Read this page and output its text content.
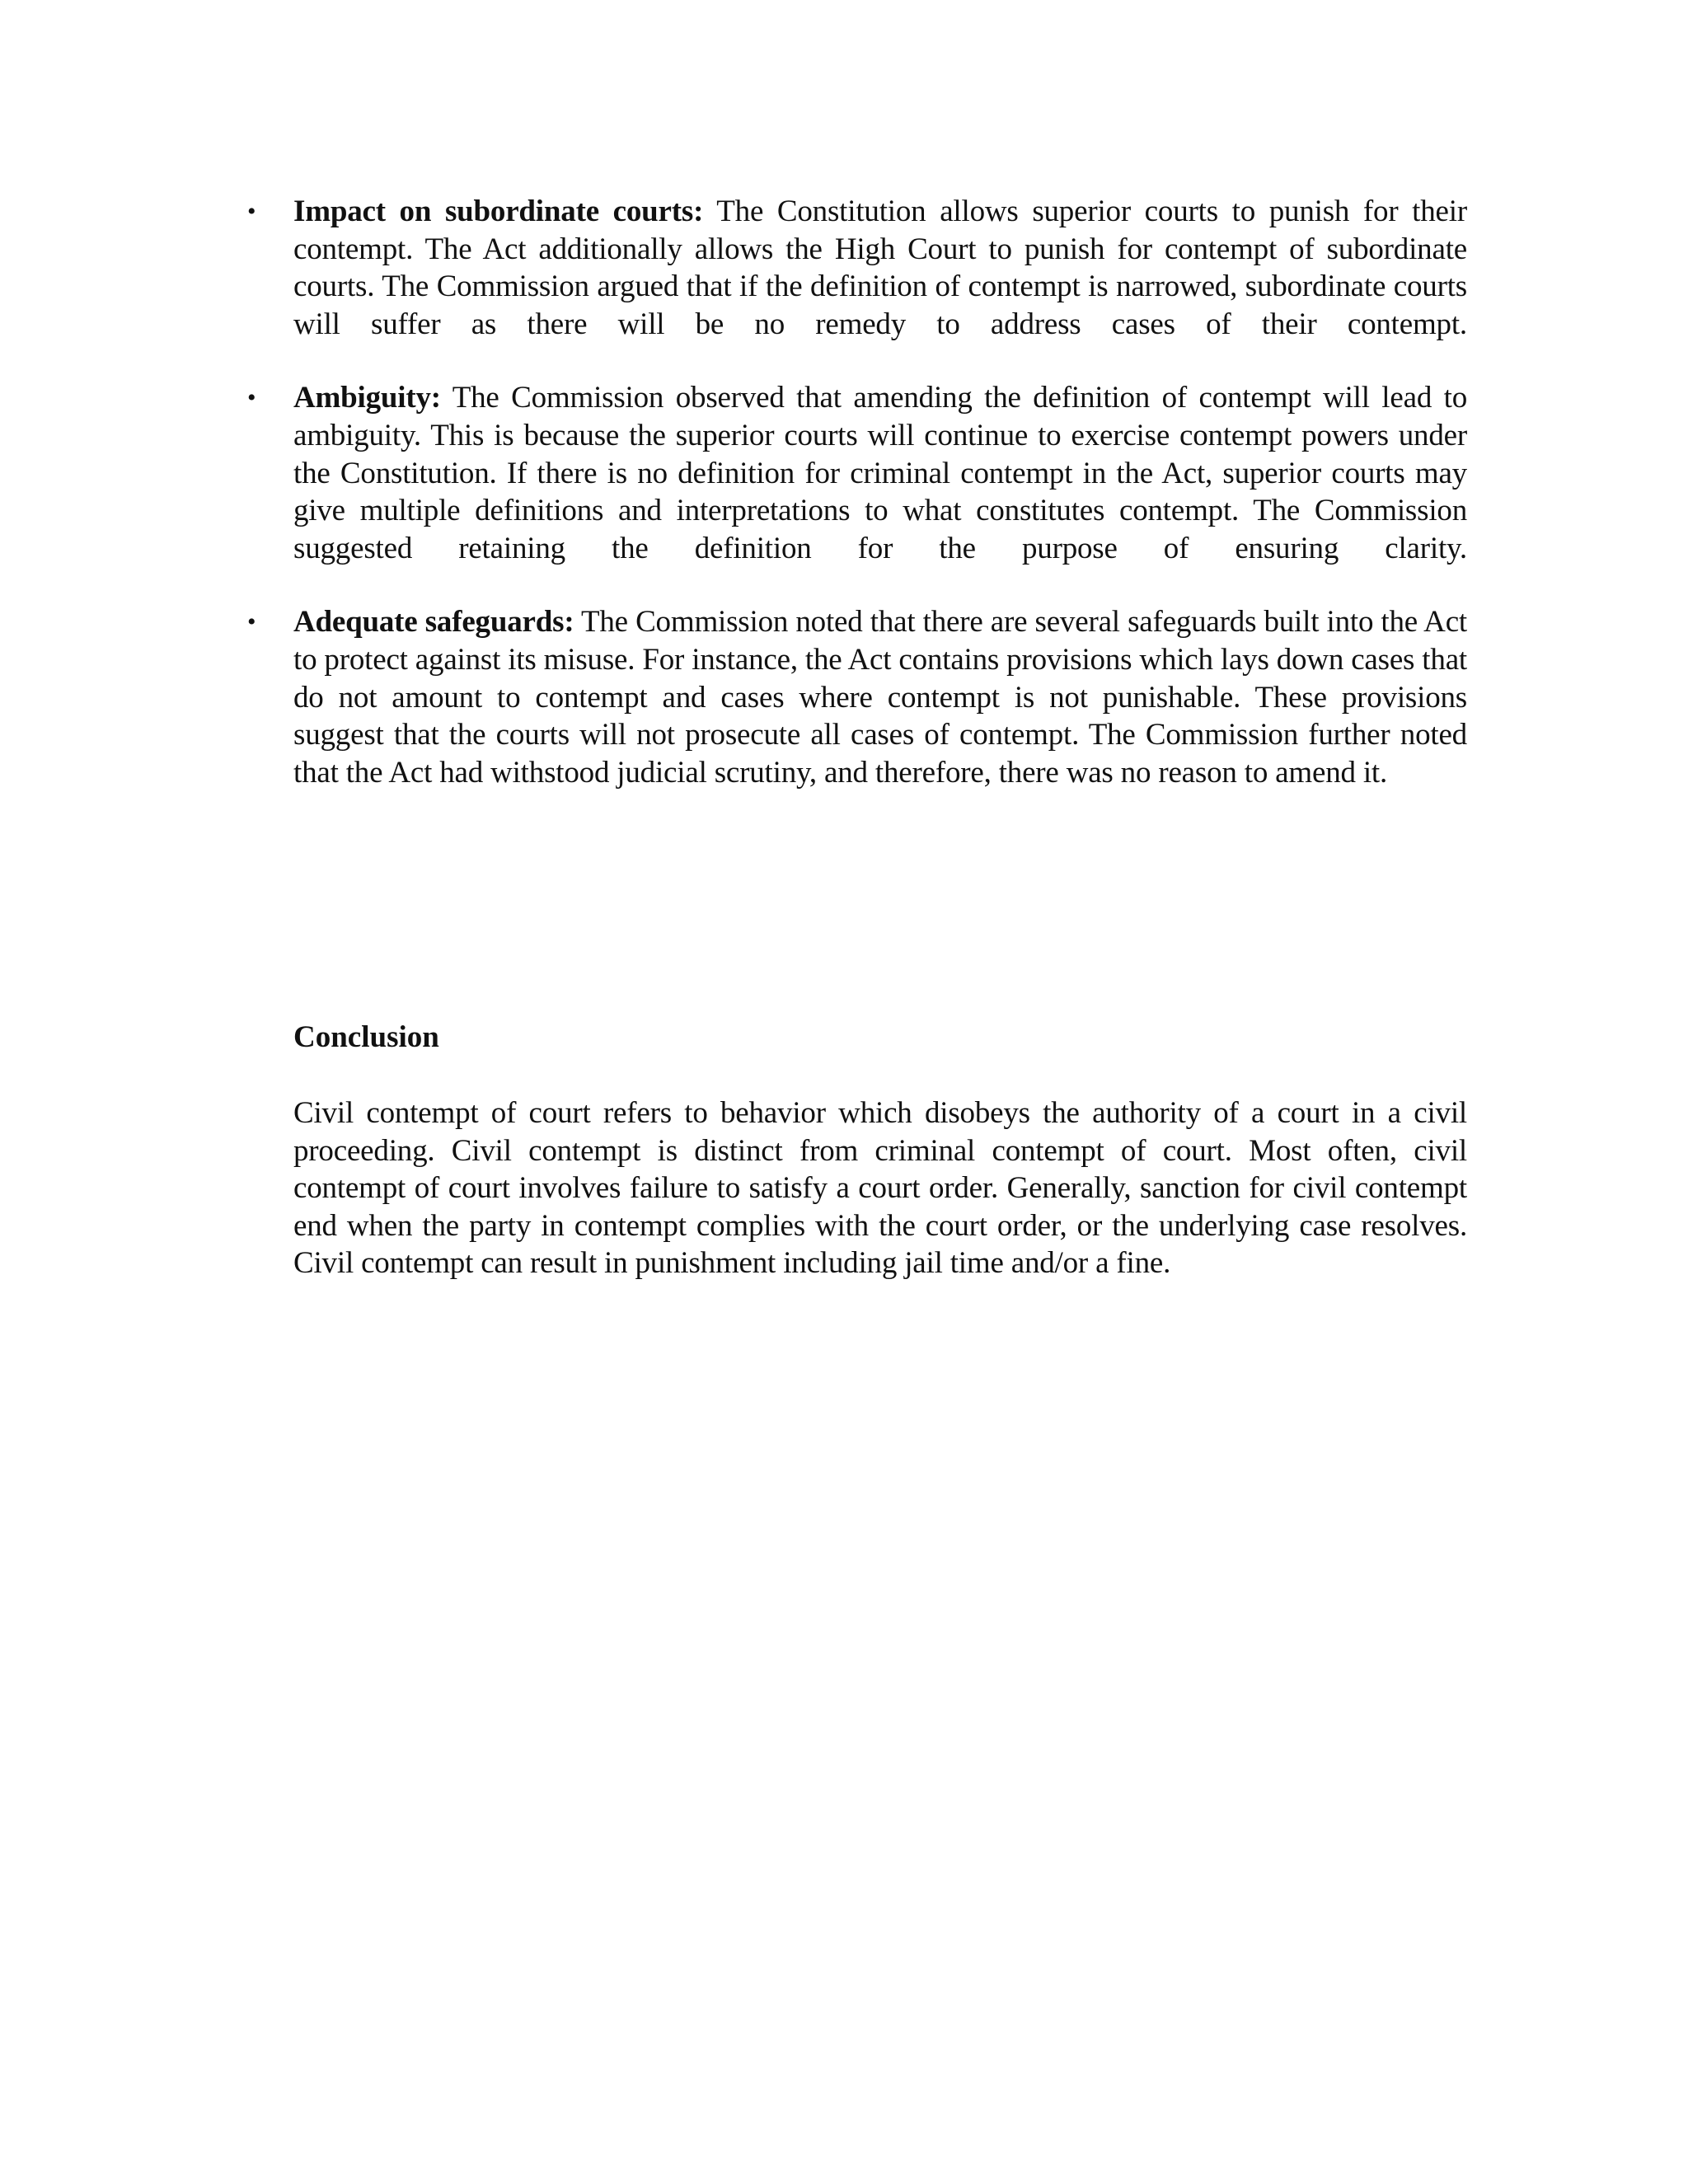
• Impact on subordinate courts: The Constitution allows superior courts to punish for their contempt. The Act additionally allows the High Court to punish for contempt of subordinate courts. The Commission argued that if the definition of contempt is narrowed, subordinate courts will suffer as there will be no remedy to address cases of their contempt.
• Ambiguity: The Commission observed that amending the definition of contempt will lead to ambiguity. This is because the superior courts will continue to exercise contempt powers under the Constitution. If there is no definition for criminal contempt in the Act, superior courts may give multiple definitions and interpretations to what constitutes contempt. The Commission suggested retaining the definition for the purpose of ensuring clarity.
• Adequate safeguards: The Commission noted that there are several safeguards built into the Act to protect against its misuse. For instance, the Act contains provisions which lays down cases that do not amount to contempt and cases where contempt is not punishable. These provisions suggest that the courts will not prosecute all cases of contempt. The Commission further noted that the Act had withstood judicial scrutiny, and therefore, there was no reason to amend it.
Conclusion

Civil contempt of court refers to behavior which disobeys the authority of a court in a civil proceeding. Civil contempt is distinct from criminal contempt of court. Most often, civil contempt of court involves failure to satisfy a court order. Generally, sanction for civil contempt end when the party in contempt complies with the court order, or the underlying case resolves. Civil contempt can result in punishment including jail time and/or a fine.
